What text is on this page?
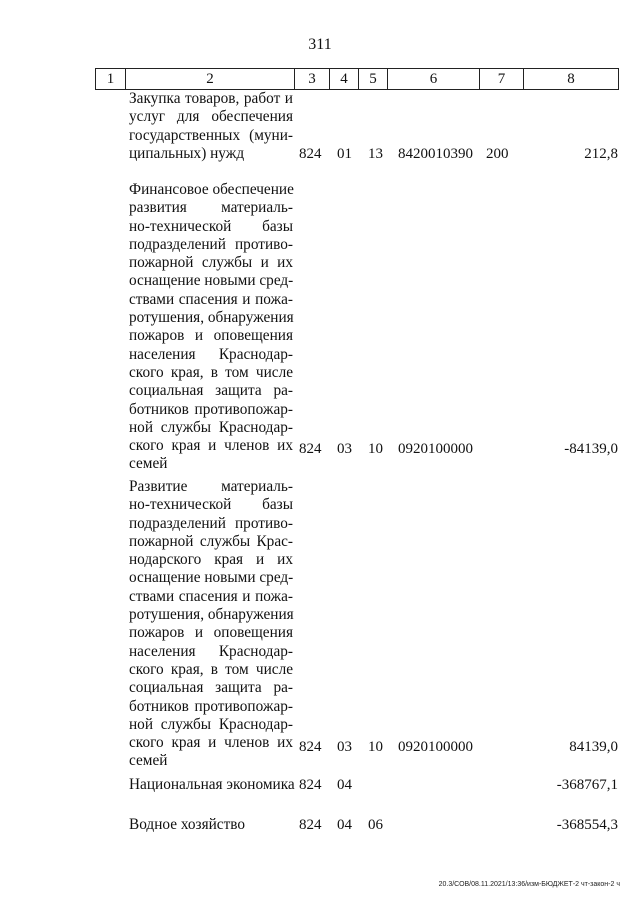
311
1	2	3	4	5	6	7	8
Закупка товаров, работ и
услуг для обеспечения
государственных (муни-
ципальных) нужд	824 01 13 8420010390 200	212,8
Финансовое обеспечение
развития материаль-
но-технической базы
подразделений противо-
пожарной службы и их
оснащение новыми сред-
ствами спасения и пожа-
ротушения, обнаружения
пожаров и оповещения
населения Краснодар-
ского края, в том числе
социальная защита ра-
ботников противопожар-
ной службы Краснодар-
ского края и членов их
семей
824 03 10 0920100000	-84139,0
Развитие материаль-
но-технической базы
подразделений противо-
пожарной службы Крас-
нодарского края и их
оснащение новыми сред-
ствами спасения и пожа-
ротушения, обнаружения
пожаров и оповещения
населения Краснодар-
ского края, в том числе
социальная защита ра-
ботников противопожар-
ной службы Краснодар-
ского края и членов их
семей
824 03 10 0920100000	84139,0
Национальная экономика 824 04	-368767,1
Водное хозяйство	824 04 06	-368554,3
20.3/СОВ/08.11.2021/13:36/изм-БЮДЖЕТ-2 чт-закон-2 ч
